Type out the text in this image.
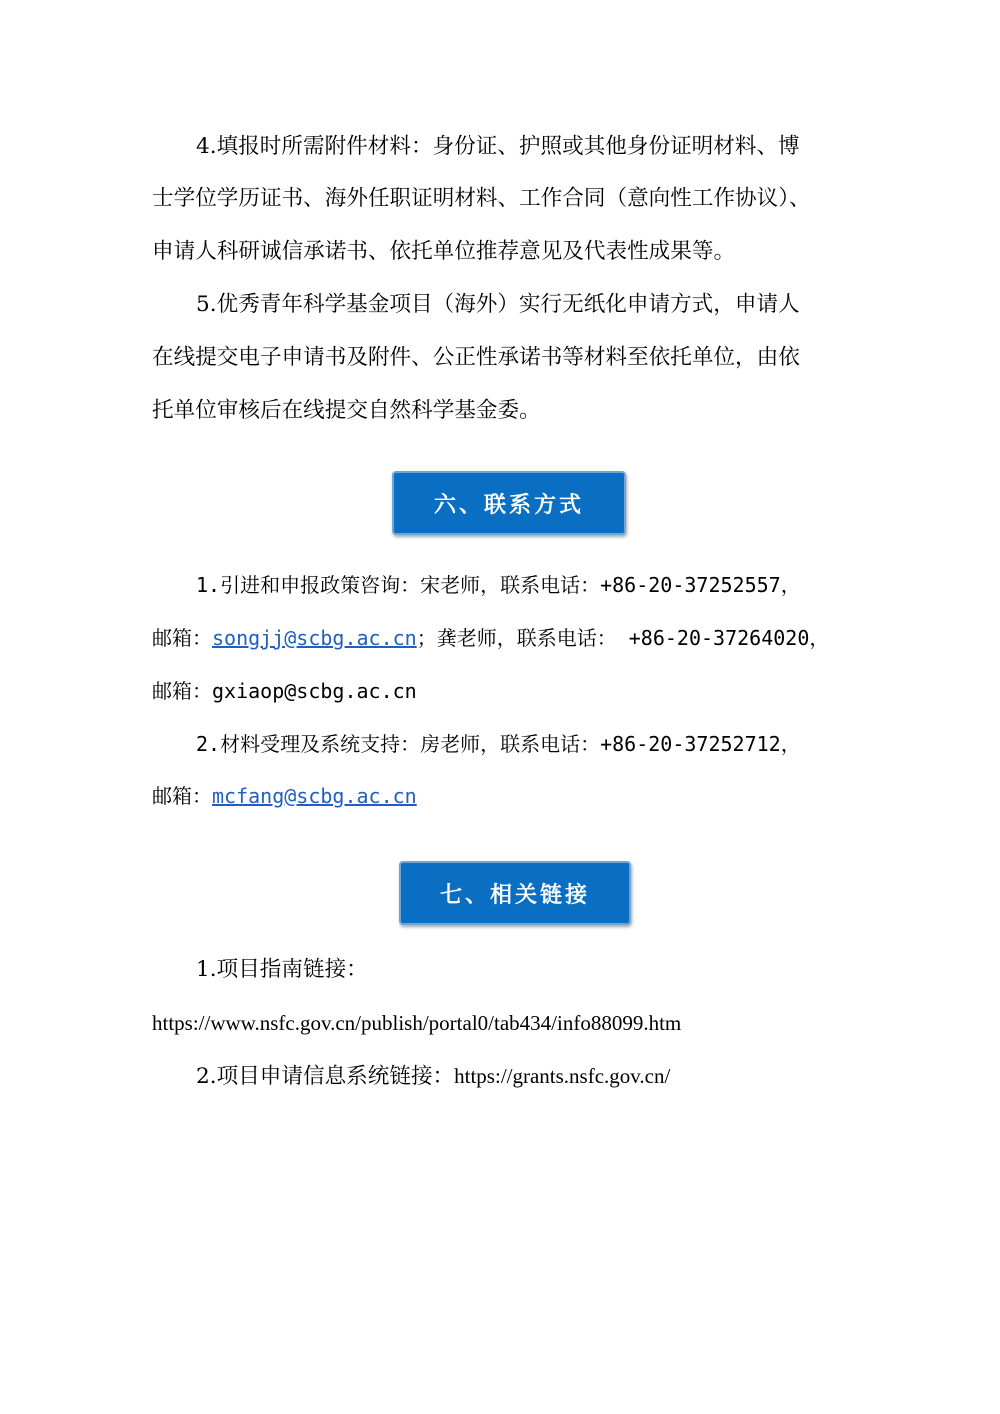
4.填报时所需附件材料：身份证、护照或其他身份证明材料、博
士学位学历证书、海外任职证明材料、工作合同（意向性工作协议）、
申请人科研诚信承诺书、依托单位推荐意见及代表性成果等。
5.优秀青年科学基金项目（海外）实行无纸化申请方式，申请人
在线提交电子申请书及附件、公正性承诺书等材料至依托单位，由依
托单位审核后在线提交自然科学基金委。
六、联系方式
1.引进和申报政策咨询：宋老师，联系电话：+86-20-37252557，
邮箱：songjj@scbg.ac.cn；龚老师，联系电话： +86-20-37264020，
邮箱：gxiaop@scbg.ac.cn
2.材料受理及系统支持：房老师，联系电话：+86-20-37252712，
邮箱：mcfang@scbg.ac.cn
七、相关链接
1.项目指南链接：
https://www.nsfc.gov.cn/publish/portal0/tab434/info88099.htm
2.项目申请信息系统链接：https://grants.nsfc.gov.cn/
